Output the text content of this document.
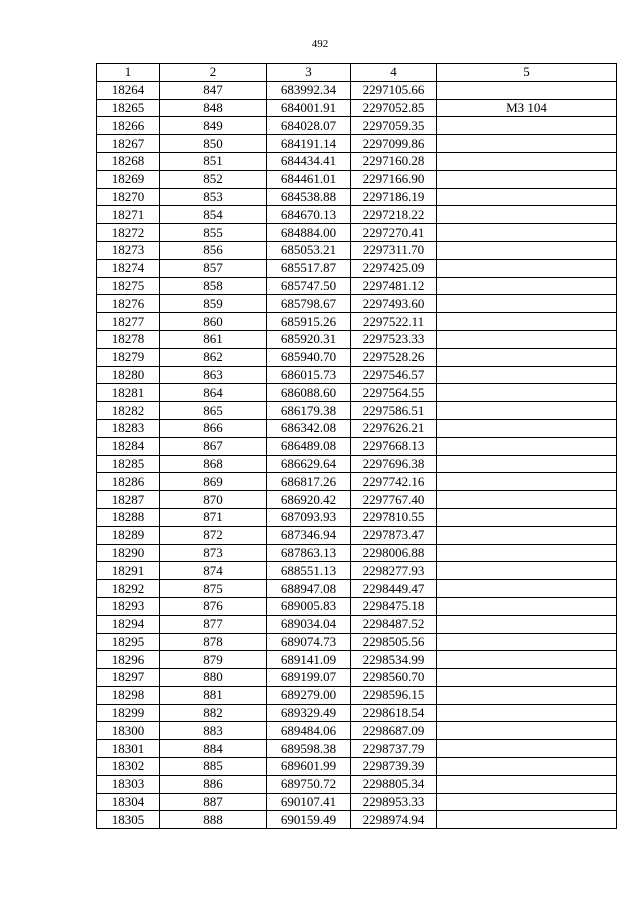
492
1	2	3	4	5
18264	847	683992.34	2297105.66	
18265	848	684001.91	2297052.85	МЗ 104
18266	849	684028.07	2297059.35	
18267	850	684191.14	2297099.86	
18268	851	684434.41	2297160.28	
18269	852	684461.01	2297166.90	
18270	853	684538.88	2297186.19	
18271	854	684670.13	2297218.22	
18272	855	684884.00	2297270.41	
18273	856	685053.21	2297311.70	
18274	857	685517.87	2297425.09	
18275	858	685747.50	2297481.12	
18276	859	685798.67	2297493.60	
18277	860	685915.26	2297522.11	
18278	861	685920.31	2297523.33	
18279	862	685940.70	2297528.26	
18280	863	686015.73	2297546.57	
18281	864	686088.60	2297564.55	
18282	865	686179.38	2297586.51	
18283	866	686342.08	2297626.21	
18284	867	686489.08	2297668.13	
18285	868	686629.64	2297696.38	
18286	869	686817.26	2297742.16	
18287	870	686920.42	2297767.40	
18288	871	687093.93	2297810.55	
18289	872	687346.94	2297873.47	
18290	873	687863.13	2298006.88	
18291	874	688551.13	2298277.93	
18292	875	688947.08	2298449.47	
18293	876	689005.83	2298475.18	
18294	877	689034.04	2298487.52	
18295	878	689074.73	2298505.56	
18296	879	689141.09	2298534.99	
18297	880	689199.07	2298560.70	
18298	881	689279.00	2298596.15	
18299	882	689329.49	2298618.54	
18300	883	689484.06	2298687.09	
18301	884	689598.38	2298737.79	
18302	885	689601.99	2298739.39	
18303	886	689750.72	2298805.34	
18304	887	690107.41	2298953.33	
18305	888	690159.49	2298974.94	
